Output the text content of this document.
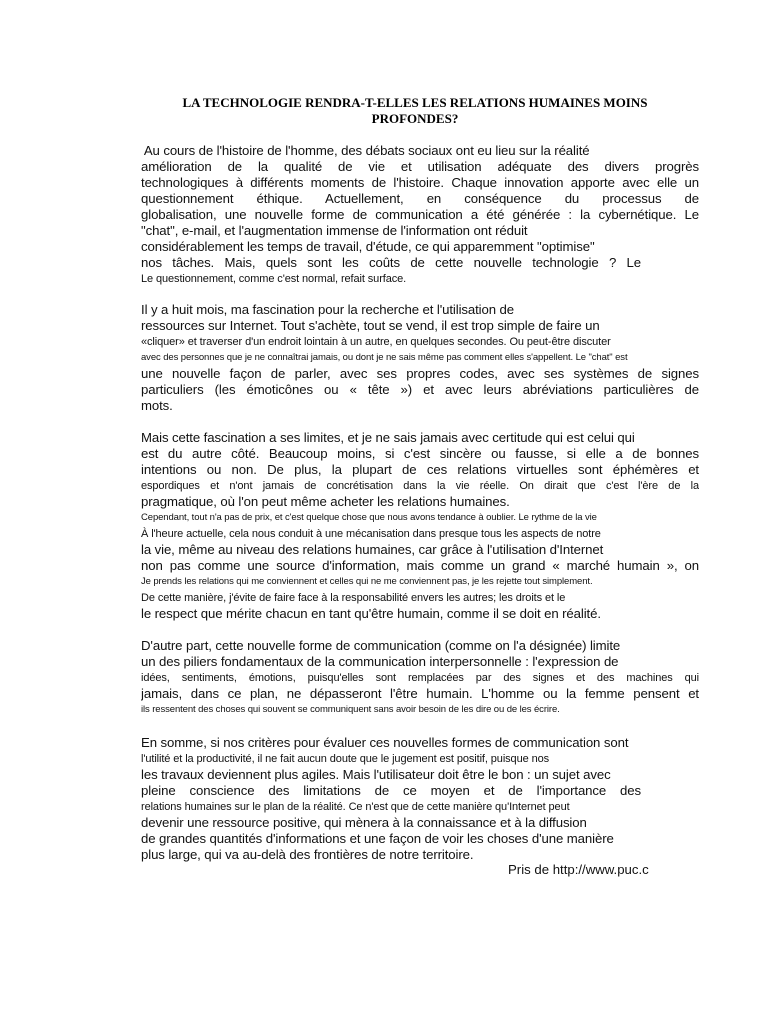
LA TECHNOLOGIE RENDRA-T-ELLES LES RELATIONS HUMAINES MOINS
PROFONDES?
Au cours de l'histoire de l'homme, des débats sociaux ont eu lieu sur la réalité
amélioration de la qualité de vie et utilisation adéquate des divers progrès
technologiques à différents moments de l'histoire. Chaque innovation apporte avec elle un
questionnement éthique. Actuellement, en conséquence du processus de
globalisation, une nouvelle forme de communication a été générée : la cybernétique. Le
"chat", e-mail, et l'augmentation immense de l'information ont réduit
considérablement les temps de travail, d'étude, ce qui apparemment "optimise"
nos tâches. Mais, quels sont les coûts de cette nouvelle technologie ? Le
Le questionnement, comme c'est normal, refait surface.
Il y a huit mois, ma fascination pour la recherche et l'utilisation de
ressources sur Internet. Tout s'achète, tout se vend, il est trop simple de faire un
«cliquer» et traverser d'un endroit lointain à un autre, en quelques secondes. Ou peut-être discuter
avec des personnes que je ne connaîtrai jamais, ou dont je ne sais même pas comment elles s'appellent. Le "chat" est
une nouvelle façon de parler, avec ses propres codes, avec ses systèmes de signes
particuliers (les émoticônes ou « tête ») et avec leurs abréviations particulières de
mots.
Mais cette fascination a ses limites, et je ne sais jamais avec certitude qui est celui qui
est du autre côté. Beaucoup moins, si c'est sincère ou fausse, si elle a de bonnes
intentions ou non. De plus, la plupart de ces relations virtuelles sont éphémères et
espordiques et n'ont jamais de concrétisation dans la vie réelle. On dirait que c'est l'ère de la
pragmatique, où l'on peut même acheter les relations humaines.
Cependant, tout n'a pas de prix, et c'est quelque chose que nous avons tendance à oublier. Le rythme de la vie
À l'heure actuelle, cela nous conduit à une mécanisation dans presque tous les aspects de notre
la vie, même au niveau des relations humaines, car grâce à l'utilisation d'Internet
non pas comme une source d'information, mais comme un grand « marché humain », on
Je prends les relations qui me conviennent et celles qui ne me conviennent pas, je les rejette tout simplement.
De cette manière, j'évite de faire face à la responsabilité envers les autres; les droits et le
le respect que mérite chacun en tant qu'être humain, comme il se doit en réalité.
D'autre part, cette nouvelle forme de communication (comme on l'a désignée) limite
un des piliers fondamentaux de la communication interpersonnelle : l'expression de
idées, sentiments, émotions, puisqu'elles sont remplacées par des signes et des machines qui
jamais, dans ce plan, ne dépasseront l'être humain. L'homme ou la femme pensent et
ils ressentent des choses qui souvent se communiquent sans avoir besoin de les dire ou de les écrire.
En somme, si nos critères pour évaluer ces nouvelles formes de communication sont
l'utilité et la productivité, il ne fait aucun doute que le jugement est positif, puisque nos
les travaux deviennent plus agiles. Mais l'utilisateur doit être le bon : un sujet avec
pleine conscience des limitations de ce moyen et de l'importance des
relations humaines sur le plan de la réalité. Ce n'est que de cette manière qu'Internet peut
devenir une ressource positive, qui mènera à la connaissance et à la diffusion
de grandes quantités d'informations et une façon de voir les choses d'une manière
plus large, qui va au-delà des frontières de notre territoire.
Pris de http://www.puc.c
